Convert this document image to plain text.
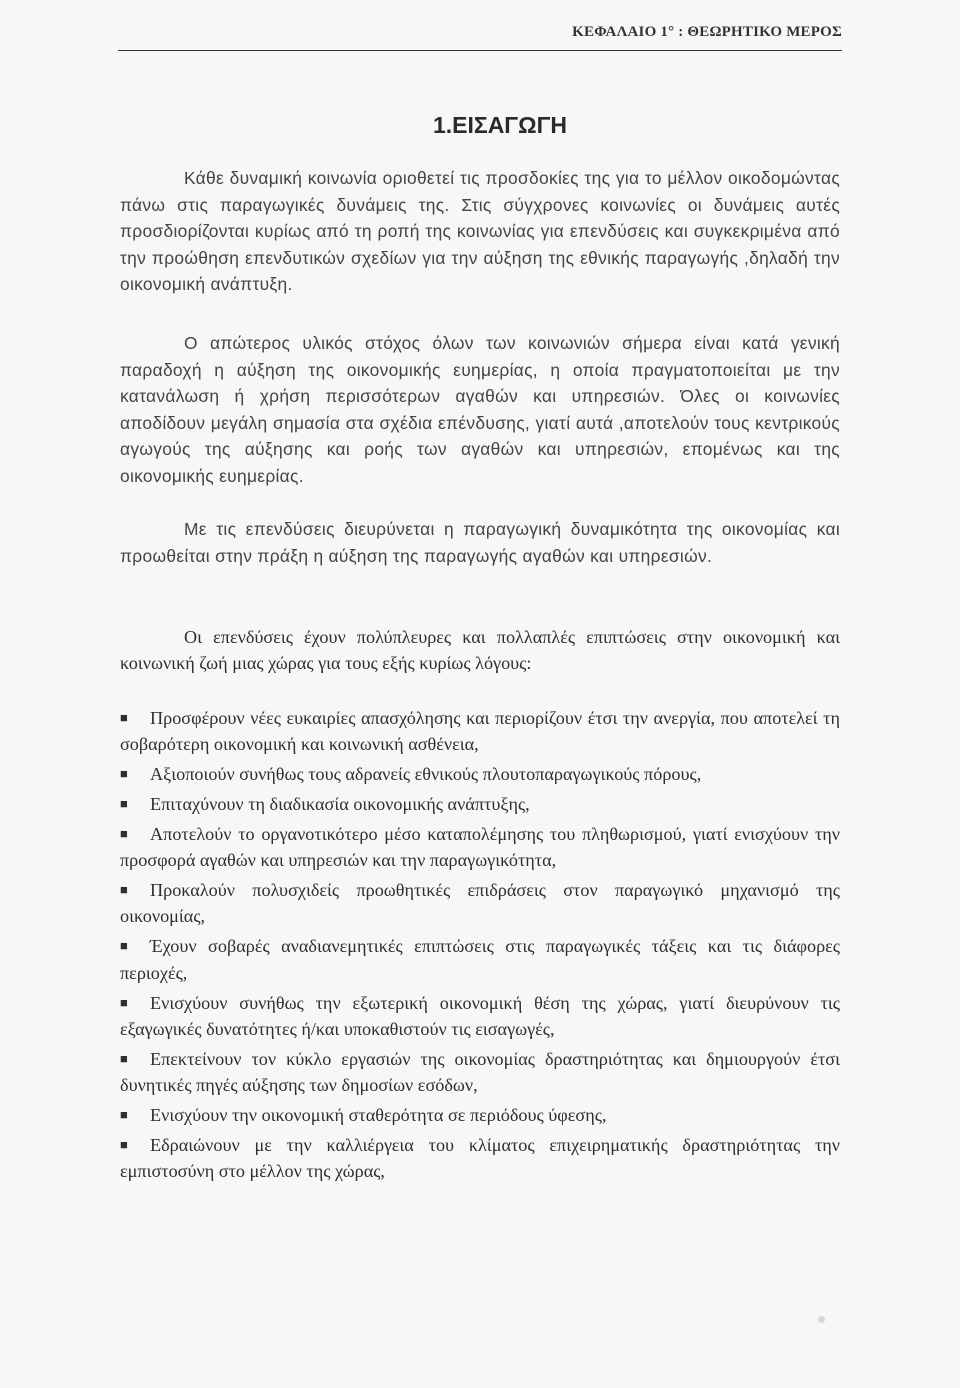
ΚΕΦΑΛΑΙΟ 1° : ΘΕΩΡΗΤΙΚΟ ΜΕΡΟΣ
1.ΕΙΣΑΓΩΓΗ

Κάθε δυναμική κοινωνία οριοθετεί τις προσδοκίες της για το μέλλον οικοδομώντας πάνω στις παραγωγικές δυνάμεις της. Στις σύγχρονες κοινωνίες οι δυνάμεις αυτές προσδιορίζονται κυρίως από τη ροπή της κοινωνίας για επενδύσεις και συγκεκριμένα από την προώθηση επενδυτικών σχεδίων για την αύξηση της εθνικής παραγωγής ,δηλαδή την οικονομική ανάπτυξη.

Ο απώτερος υλικός στόχος όλων των κοινωνιών σήμερα είναι κατά γενική παραδοχή η αύξηση της οικονομικής ευημερίας, η οποία πραγματοποιείται με την κατανάλωση ή χρήση περισσότερων αγαθών και υπηρεσιών. Όλες οι κοινωνίες αποδίδουν μεγάλη σημασία στα σχέδια επένδυσης, γιατί αυτά ,αποτελούν τους κεντρικούς αγωγούς της αύξησης και ροής των αγαθών και υπηρεσιών, επομένως και της οικονομικής ευημερίας.

Με τις επενδύσεις διευρύνεται η παραγωγική δυναμικότητα της οικονομίας και προωθείται στην πράξη η αύξηση της παραγωγής αγαθών και υπηρεσιών.

Οι επενδύσεις έχουν πολύπλευρες και πολλαπλές επιπτώσεις στην οικονομική και κοινωνική ζωή μιας χώρας για τους εξής κυρίως λόγους:

■ Προσφέρουν νέες ευκαιρίες απασχόλησης και περιορίζουν έτσι την ανεργία, που αποτελεί τη σοβαρότερη οικονομική και κοινωνική ασθένεια,

■ Αξιοποιούν συνήθως τους αδρανείς εθνικούς πλουτοπαραγωγικούς πόρους,

■ Επιταχύνουν τη διαδικασία οικονομικής ανάπτυξης,

■ Αποτελούν το οργανοτικότερο μέσο καταπολέμησης του πληθωρισμού, γιατί ενισχύουν την προσφορά αγαθών και υπηρεσιών και την παραγωγικότητα,

■ Προκαλούν πολυσχιδείς προωθητικές επιδράσεις στον παραγωγικό μηχανισμό της οικονομίας,

■ Έχουν σοβαρές αναδιανεμητικές επιπτώσεις στις παραγωγικές τάξεις και τις διάφορες περιοχές,

■ Ενισχύουν συνήθως την εξωτερική οικονομική θέση της χώρας, γιατί διευρύνουν τις εξαγωγικές δυνατότητες ή/και υποκαθιστούν τις εισαγωγές,

■ Επεκτείνουν τον κύκλο εργασιών της οικονομίας δραστηριότητας και δημιουργούν έτσι δυνητικές πηγές αύξησης των δημοσίων εσόδων,

■ Ενισχύουν την οικονομική σταθερότητα σε περιόδους ύφεσης,

■ Εδραιώνουν με την καλλιέργεια του κλίματος επιχειρηματικής δραστηριότητας την εμπιστοσύνη στο μέλλον της χώρας,
